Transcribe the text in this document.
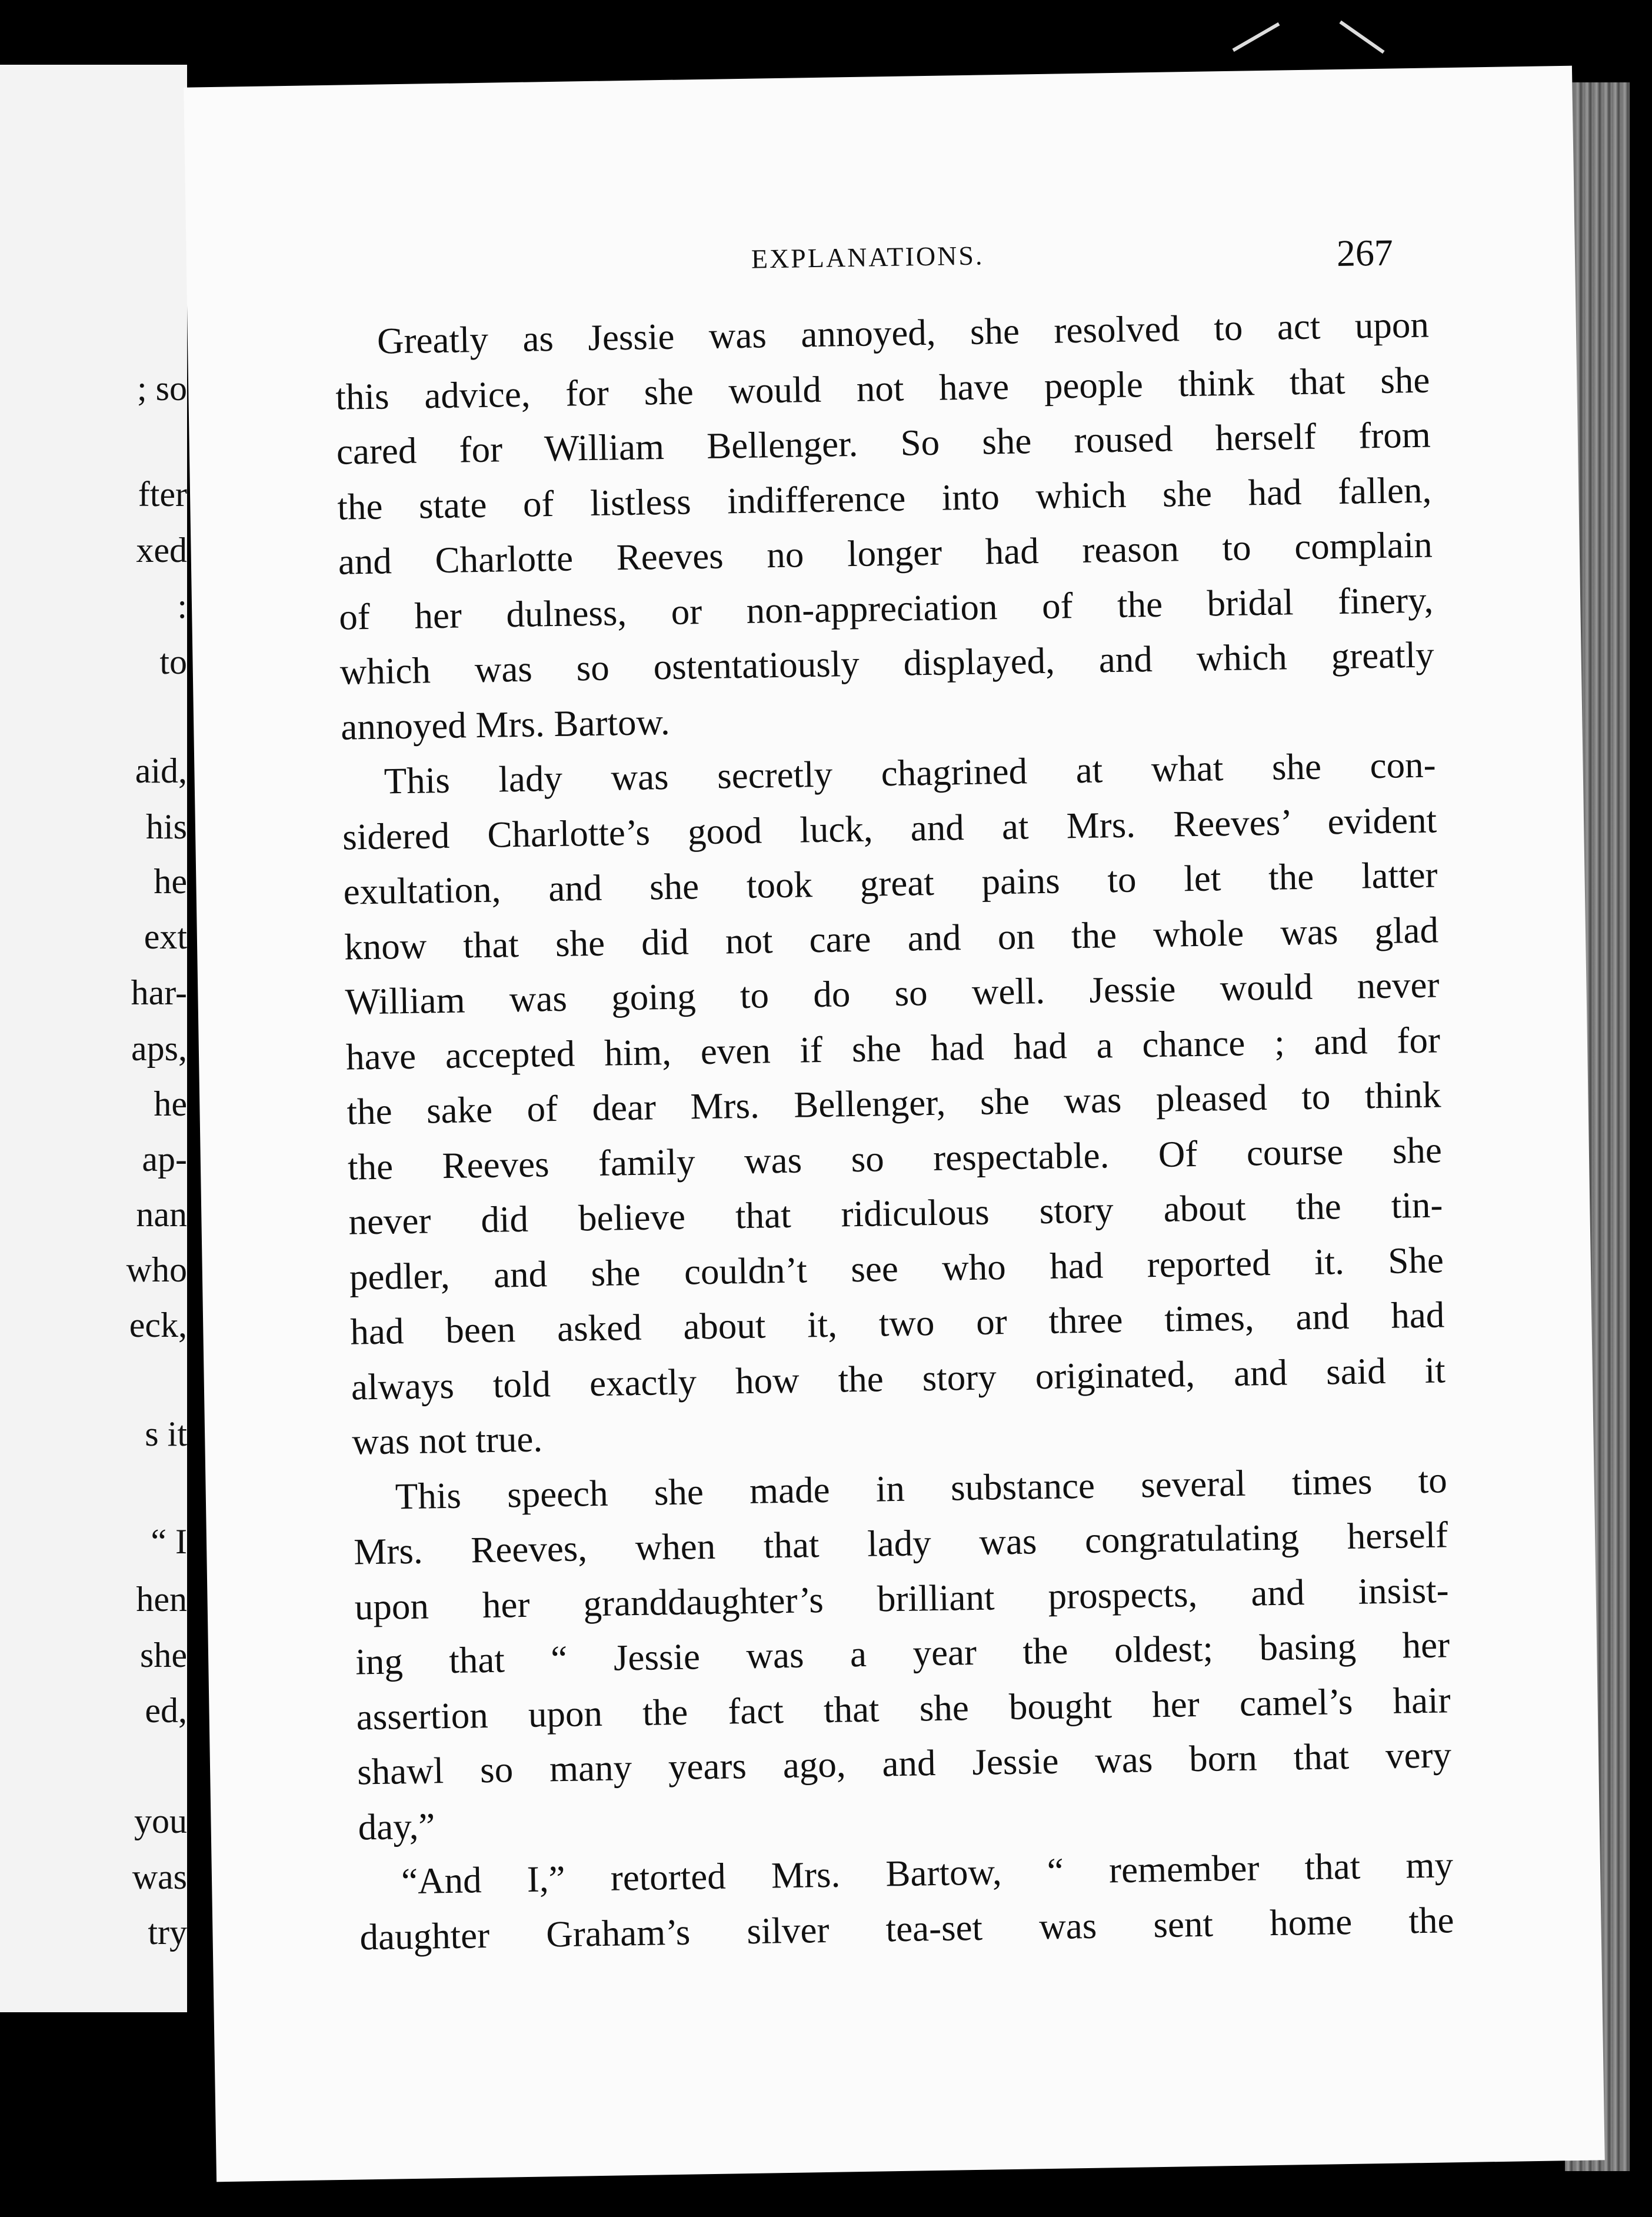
; so
fter
xed
:
to
aid,
his
he
ext
har-
aps,
he
ap-
nan
who
eck,
s it
“ I
hen
she
ed,
you
was
try
EXPLANATIONS.	267
Greatly as Jessie was annoyed, she resolved to act upon
this advice, for she would not have people think that she
cared for William Bellenger. So she roused herself from
the state of listless indifference into which she had fallen,
and Charlotte Reeves no longer had reason to complain
of her dulness, or non-appreciation of the bridal finery,
which was so ostentatiously displayed, and which greatly
annoyed Mrs. Bartow.
This lady was secretly chagrined at what she con-
sidered Charlotte’s good luck, and at Mrs. Reeves’ evident
exultation, and she took great pains to let the latter
know that she did not care and on the whole was glad
William was going to do so well. Jessie would never
have accepted him, even if she had had a chance ; and for
the sake of dear Mrs. Bellenger, she was pleased to think
the Reeves family was so respectable. Of course she
never did believe that ridiculous story about the tin-
pedler, and she couldn’t see who had reported it. She
had been asked about it, two or three times, and had
always told exactly how the story originated, and said it
was not true.
This speech she made in substance several times to
Mrs. Reeves, when that lady was congratulating herself
upon her granddaughter’s brilliant prospects, and insist-
ing that “ Jessie was a year the oldest; basing her
assertion upon the fact that she bought her camel’s hair
shawl so many years ago, and Jessie was born that very
day,”
“And I,” retorted Mrs. Bartow, “ remember that my
daughter Graham’s silver tea-set was sent home the
